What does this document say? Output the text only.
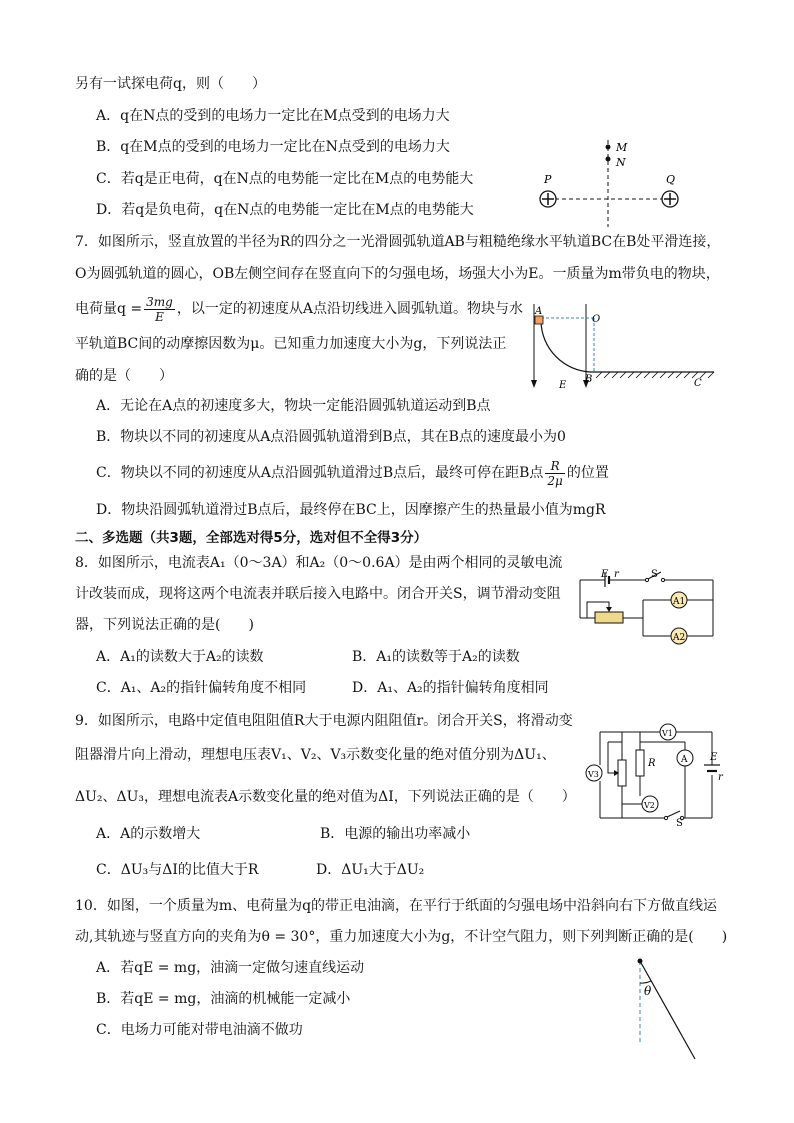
另有一试探电荷q，则（　　）
A．q在N点的受到的电场力一定比在M点受到的电场力大
B．q在M点的受到的电场力一定比在N点受到的电场力大
C．若q是正电荷，q在N点的电势能一定比在M点的电势能大
D．若q是负电荷，q在N点的电势能一定比在M点的电势能大
M
N
P	Q
7．如图所示，竖直放置的半径为R的四分之一光滑圆弧轨道AB与粗糙绝缘水平轨道BC在B处平滑连接，
O为圆弧轨道的圆心，OB左侧空间存在竖直向下的匀强电场，场强大小为E。一质量为m带负电的物块，
电荷量$q = \frac{3mg}{E}$ ，以一定的初速度从A点沿切线进入圆弧轨道。物块与水
平轨道BC间的动摩擦因数为μ。已知重力加速度大小为g，下列说法正
确的是（　　）
A
O
B	C
E
A．无论在A点的初速度多大，物块一定能沿圆弧轨道运动到B点
B．物块以不同的初速度从A点沿圆弧轨道滑到B点，其在B点的速度最小为0
C．物块以不同的初速度从A点沿圆弧轨道滑过B点后，最终可停在距B点 $\frac{R}{2\mu}$ 的位置
D．物块沿圆弧轨道滑过B点后，最终停在BC上，因摩擦产生的热量最小值为mgR
二、多选题（共3题，全部选对得5分，选对但不全得3分）
8．如图所示，电流表A₁（0～3A）和A₂（0～0.6A）是由两个相同的灵敏电流
计改装而成，现将这两个电流表并联后接入电路中。闭合开关S，调节滑动变阻
器，下列说法正确的是(　　)
A．A₁的读数大于A₂的读数	B．A₁的读数等于A₂的读数
C．A₁、A₂的指针偏转角度不相同	D．A₁、A₂的指针偏转角度相同
A1
A2
E r	S
9．如图所示，电路中定值电阻阻值R大于电源内阻阻值r。闭合开关S，将滑动变
阻器滑片向上滑动，理想电压表V₁、V₂、V₃示数变化量的绝对值分别为ΔU₁、
ΔU₂、ΔU₃，理想电流表A示数变化量的绝对值为ΔI，下列说法正确的是（　　）
A．A的示数增大	B．电源的输出功率减小
C．ΔU₃与ΔI的比值大于R	D．ΔU₁大于ΔU₂
V3
R
V1
A
V2
E
r
S
10．如图，一个质量为m、电荷量为q的带正电油滴，在平行于纸面的匀强电场中沿斜向右下方做直线运
动,其轨迹与竖直方向的夹角为θ = 30°，重力加速度大小为g，不计空气阻力，则下列判断正确的是(　　)
A．若qE = mg，油滴一定做匀速直线运动
B．若qE = mg，油滴的机械能一定减小
C．电场力可能对带电油滴不做功
θ
